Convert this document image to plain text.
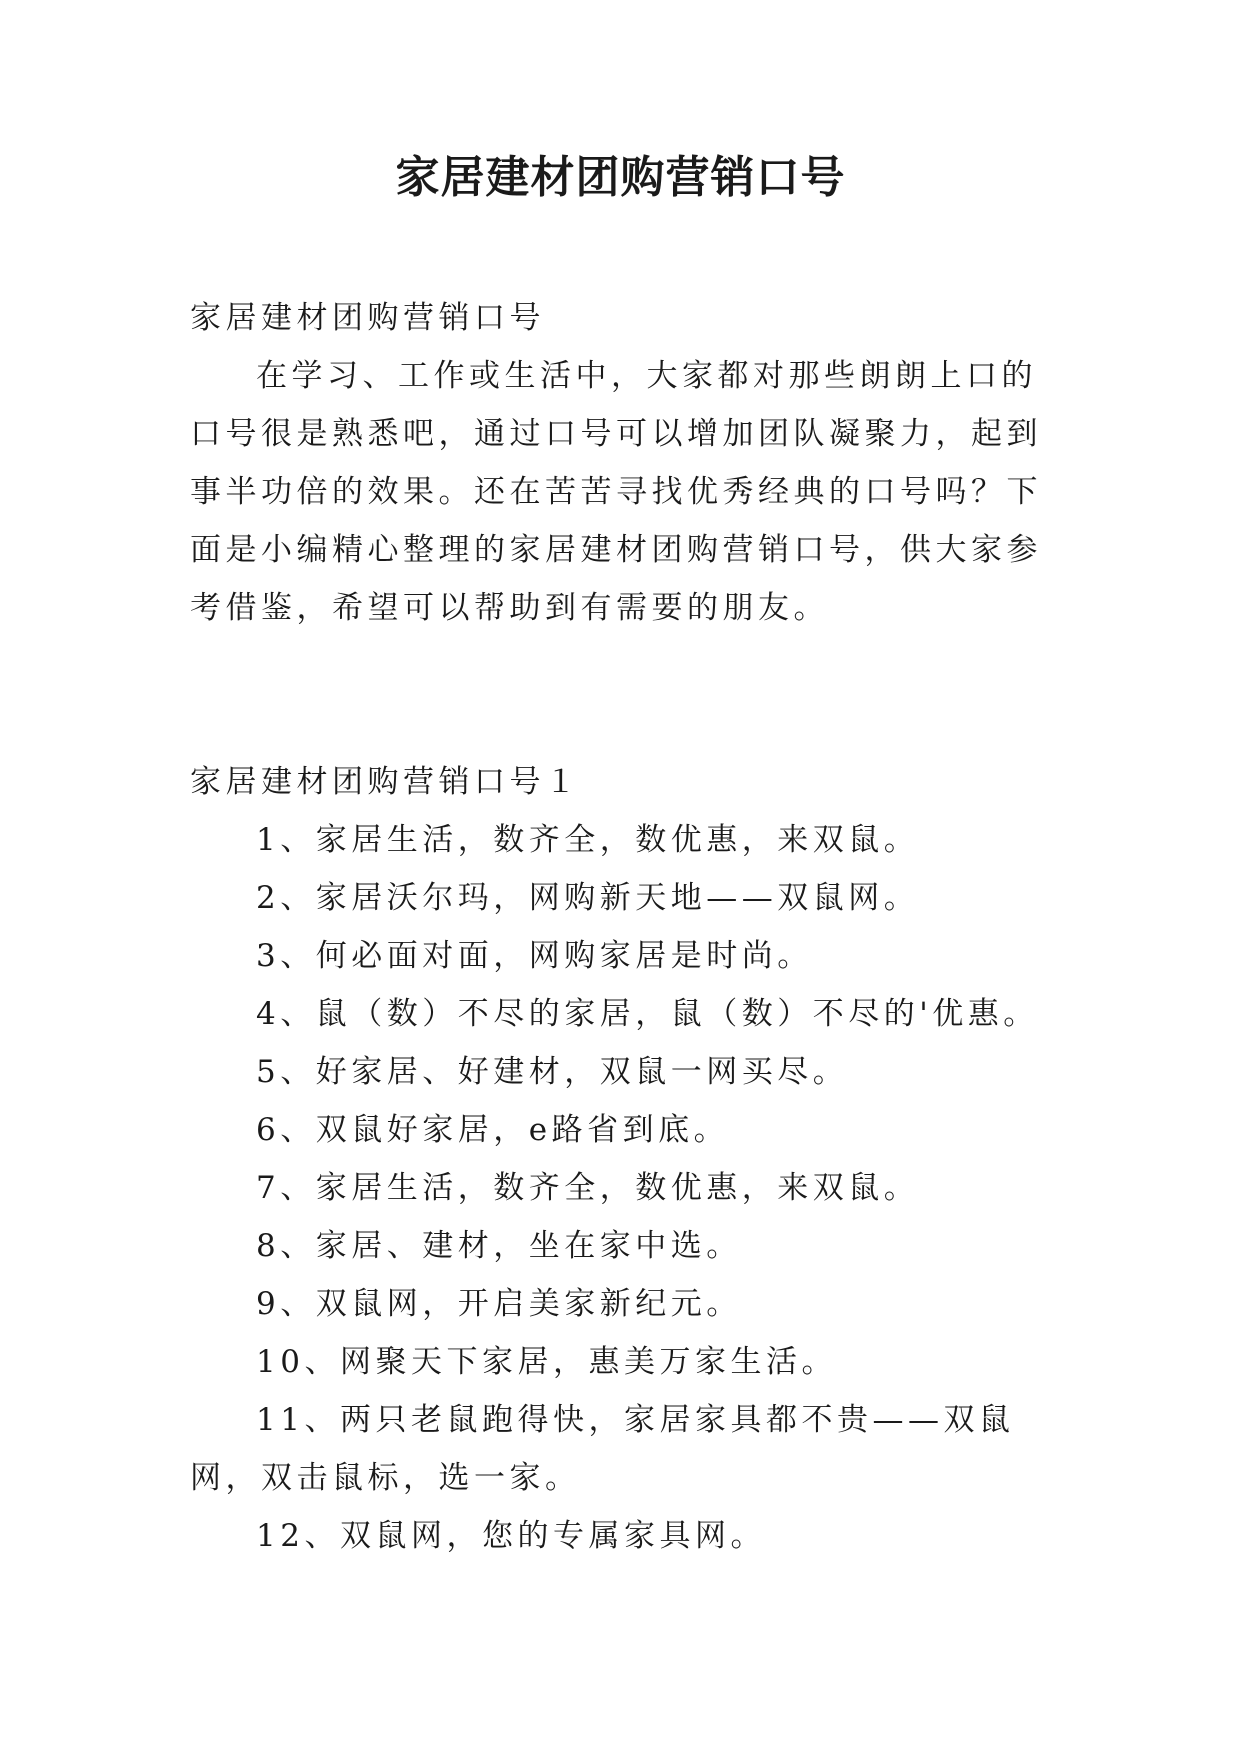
家居建材团购营销口号

家居建材团购营销口号

在学习、工作或生活中，大家都对那些朗朗上口的口号很是熟悉吧，通过口号可以增加团队凝聚力，起到事半功倍的效果。还在苦苦寻找优秀经典的口号吗？下面是小编精心整理的家居建材团购营销口号，供大家参考借鉴，希望可以帮助到有需要的朋友。

家居建材团购营销口号１

1、家居生活，数齐全，数优惠，来双鼠。

2、家居沃尔玛，网购新天地——双鼠网。

3、何必面对面，网购家居是时尚。

4、鼠（数）不尽的家居，鼠（数）不尽的'优惠。

5、好家居、好建材，双鼠一网买尽。

6、双鼠好家居，e路省到底。

7、家居生活，数齐全，数优惠，来双鼠。

8、家居、建材，坐在家中选。

9、双鼠网，开启美家新纪元。

10、网聚天下家居，惠美万家生活。

11、两只老鼠跑得快，家居家具都不贵——双鼠网，双击鼠标，选一家。

12、双鼠网，您的专属家具网。
